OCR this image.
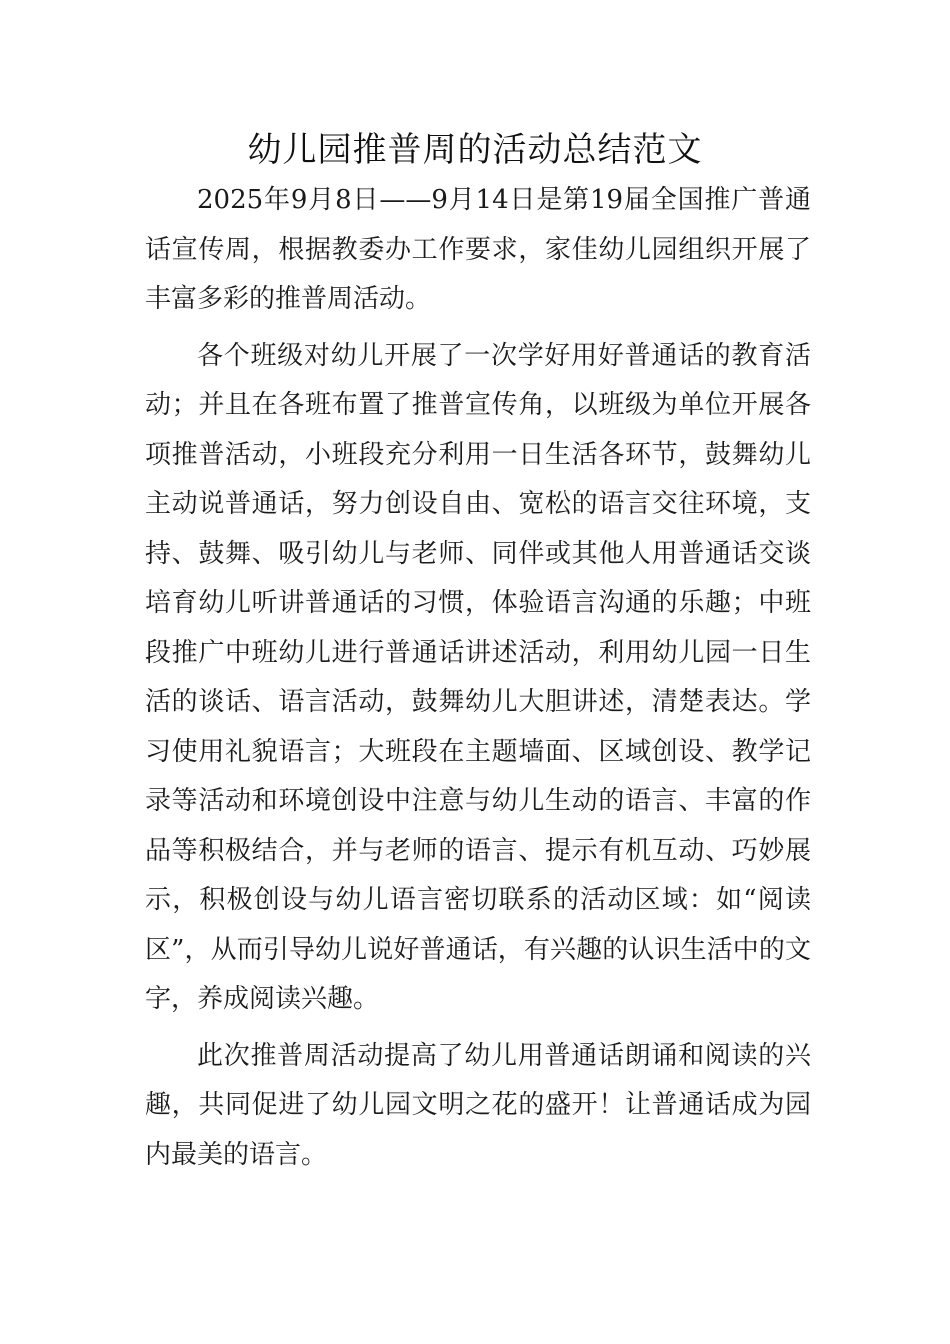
幼儿园推普周的活动总结范文

2025年9月8日——9月14日是第19届全国推广普通话宣传周，根据教委办工作要求，家佳幼儿园组织开展了丰富多彩的推普周活动。

各个班级对幼儿开展了一次学好用好普通话的教育活动；并且在各班布置了推普宣传角，以班级为单位开展各项推普活动，小班段充分利用一日生活各环节，鼓舞幼儿主动说普通话，努力创设自由、宽松的语言交往环境，支持、鼓舞、吸引幼儿与老师、同伴或其他人用普通话交谈培育幼儿听讲普通话的习惯，体验语言沟通的乐趣；中班段推广中班幼儿进行普通话讲述活动，利用幼儿园一日生活的谈话、语言活动，鼓舞幼儿大胆讲述，清楚表达。学习使用礼貌语言；大班段在主题墙面、区域创设、教学记录等活动和环境创设中注意与幼儿生动的语言、丰富的作品等积极结合，并与老师的语言、提示有机互动、巧妙展示，积极创设与幼儿语言密切联系的活动区域：如“阅读区”，从而引导幼儿说好普通话，有兴趣的认识生活中的文字，养成阅读兴趣。

此次推普周活动提高了幼儿用普通话朗诵和阅读的兴趣，共同促进了幼儿园文明之花的盛开！让普通话成为园内最美的语言。
